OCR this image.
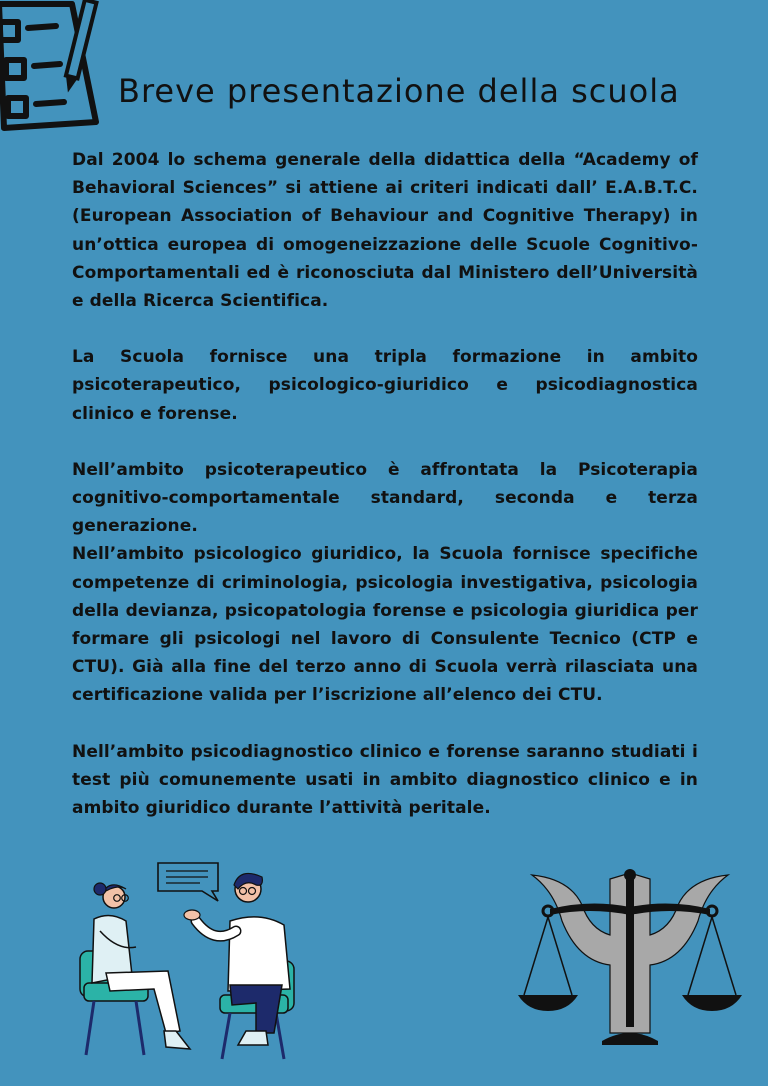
Breve presentazione della scuola

Dal 2004 lo schema generale della didattica della “Academy of Behavioral Sciences” si attiene ai criteri indicati dall’ E.A.B.T.C. (European Association of Behaviour and Cognitive Therapy) in un’ottica europea di omogeneizzazione delle Scuole Cognitivo-Comportamentali ed è riconosciuta dal Ministero dell’Università e della Ricerca Scientifica.

La Scuola fornisce una tripla formazione in ambito psicoterapeutico, psicologico-giuridico e psicodiagnostica clinico e forense.

Nell’ambito psicoterapeutico è affrontata la Psicoterapia cognitivo-comportamentale standard, seconda e terza generazione.

Nell’ambito psicologico giuridico, la Scuola fornisce specifiche competenze di criminologia, psicologia investigativa, psicologia della devianza, psicopatologia forense e psicologia giuridica per formare gli psicologi nel lavoro di Consulente Tecnico (CTP e CTU). Già alla fine del terzo anno di Scuola verrà rilasciata una certificazione valida per l’iscrizione all’elenco dei CTU.

Nell’ambito psicodiagnostico clinico e forense saranno studiati i test più comunemente usati in ambito diagnostico clinico e in ambito giuridico durante l’attività peritale.
